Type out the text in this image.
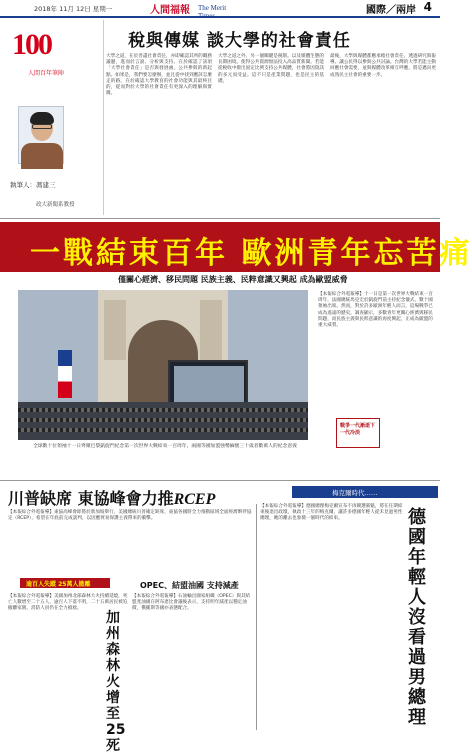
2018年 11月 12日 星期一	人間福報 The Merit Times	國際／兩岸 4
100
人間百年筆陣
執筆人：馮建三
政大新聞系教授
稅與傳媒 談大學的社會責任
大學之道，在於善盡社會責任，亦即確認其所的職務議題，進而於言說、分析與支持。在於確認了該項「大學社會責任」是否與發展處，公共參與的新起點。如果是，我們要怎麼辦，並且從中找到應該怎麼走的路。在於確認大學教育的社會功能與其最終目的，從而對於大學的社會責任有更深入的理解與實踐。
大學之道之外，另一個關鍵是稅制。以及媒體生態的長期困境，使得公共資源無法投入高品質新聞。若能從稅收中撥出固定比例支持公共媒體，社會將因資訊的多元而受益。這不只是產業問題，也是民主的基礎。
最後，大學與媒體都應承擔社會責任，透過研究與報導，讓公民得以參與公共討論。台灣的大學若能主動回應社會需要，並與媒體改革相互呼應，將是邁向更成熟民主社會的重要一步。
一戰結束百年 歐洲青年忘苦痛
僅關心經濟、移民問題 民族主義、民粹意識又興起 成為歐盟威脅
全球數十位領袖十一日齊聚巴黎凱旋門紀念第一次世界大戰結束一百周年，兩國等國加盟強勢緬懷三十歲者數萬人的紀念意義
【本報綜合外電報導】十一日是第一次世界大戰結束一百周年，法國總統馬克宏於凱旋門前主持紀念儀式，數十國領袖出席。然而，對於許多歐洲年輕人而言，這場戰爭已成為遙遠的歷史。調查顯示，多數青年更關心經濟與移民問題，而民族主義與民粹意識的再度興起，正成為歐盟的重大威脅。
戰爭一代漸逝下一代冷淡
川普缺席 東協峰會力推RCEP	梅克爾時代……
【本報綜合外電報導】東協高峰會即將於新加坡舉行，美國總統川普確定缺席，東協各國將全力推動區域全面經濟夥伴協定（RCEP），希望在年底前完成談判，以因應貿易保護主義帶來的衝擊。
逾百人失蹤 25萬人撤離	OPEC、結盟油國 支持減產
【本報綜合外電報導】美國加州北部森林大火持續延燒，死亡人數增至二十五人，逾百人下落不明，二十五萬居民被迫撤離家園。消防人員仍在全力搶救。
加州森林火 增至25死
【本報綜合外電報導】石油輸出國家組織（OPEC）與其結盟產油國在阿布達比會議後表示，支持明年減產以穩定油價，俄羅斯等國亦表態配合。
【本報綜合外電報導】德國總理梅克爾宣布不再競選黨魁，將在任期結束後退出政壇。執政十三年的梅克爾，讓許多德國年輕人從未見過男性總理，她的離去也象徵一個時代的結束。	德國年輕人 沒看過男總理
